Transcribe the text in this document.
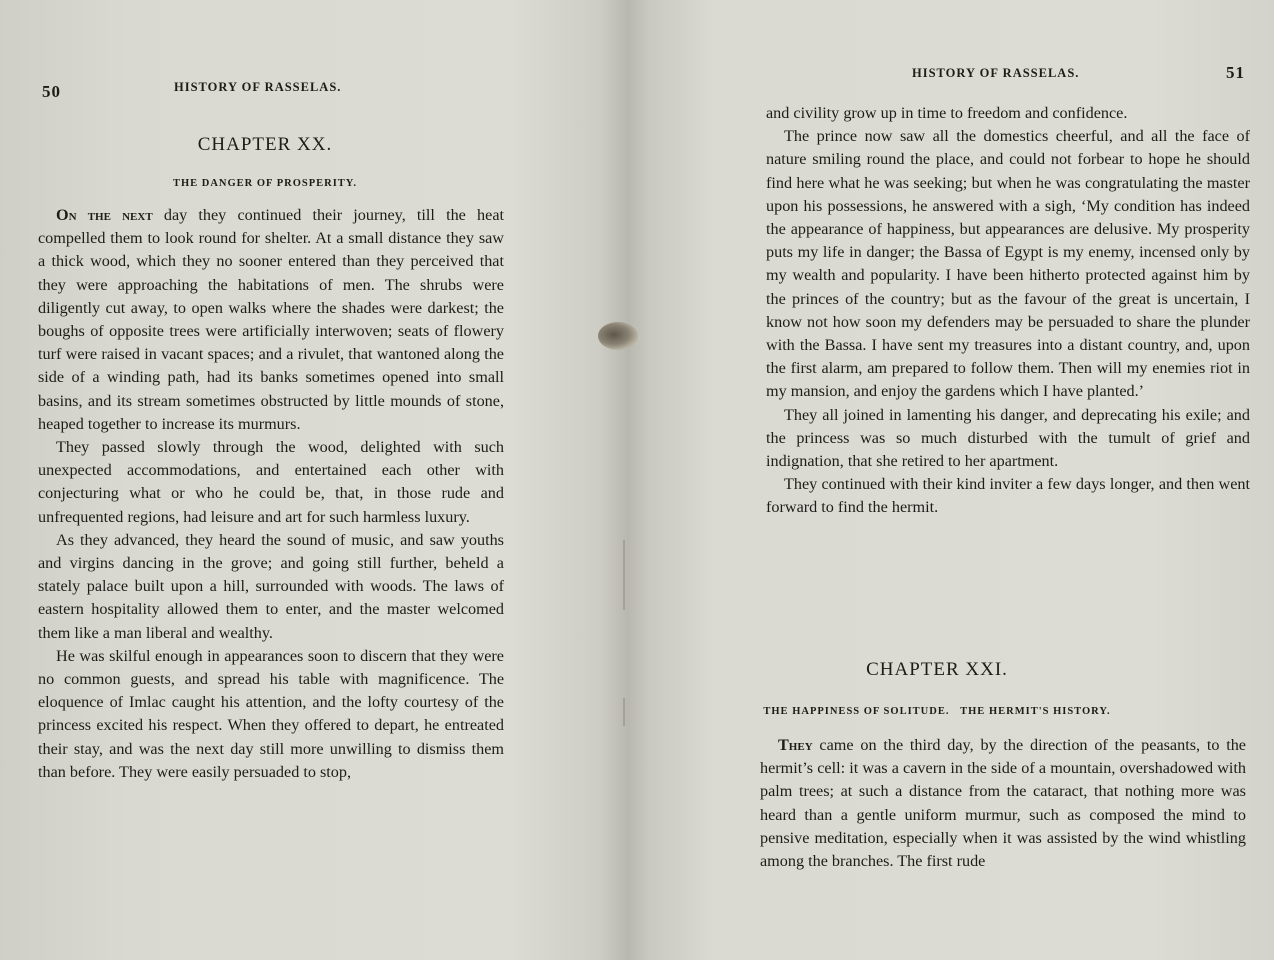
50	HISTORY OF RASSELAS.
CHAPTER XX.
THE DANGER OF PROSPERITY.

On the next day they continued their journey, till the heat compelled them to look round for shelter. At a small distance they saw a thick wood, which they no sooner entered than they perceived that they were approaching the habitations of men. The shrubs were diligently cut away, to open walks where the shades were darkest; the boughs of opposite trees were artificially interwoven; seats of flowery turf were raised in vacant spaces; and a rivulet, that wantoned along the side of a winding path, had its banks sometimes opened into small basins, and its stream sometimes obstructed by little mounds of stone, heaped together to increase its murmurs.

They passed slowly through the wood, delighted with such unexpected accommodations, and entertained each other with conjecturing what or who he could be, that, in those rude and unfrequented regions, had leisure and art for such harmless luxury.

As they advanced, they heard the sound of music, and saw youths and virgins dancing in the grove; and going still further, beheld a stately palace built upon a hill, surrounded with woods. The laws of eastern hospitality allowed them to enter, and the master welcomed them like a man liberal and wealthy.

He was skilful enough in appearances soon to discern that they were no common guests, and spread his table with magnificence. The eloquence of Imlac caught his attention, and the lofty courtesy of the princess excited his respect. When they offered to depart, he entreated their stay, and was the next day still more unwilling to dismiss them than before. They were easily persuaded to stop,

HISTORY OF RASSELAS.	51

and civility grow up in time to freedom and confidence.

The prince now saw all the domestics cheerful, and all the face of nature smiling round the place, and could not forbear to hope he should find here what he was seeking; but when he was congratulating the master upon his possessions, he answered with a sigh, ‘My condition has indeed the appearance of happiness, but appearances are delusive. My prosperity puts my life in danger; the Bassa of Egypt is my enemy, incensed only by my wealth and popularity. I have been hitherto protected against him by the princes of the country; but as the favour of the great is uncertain, I know not how soon my defenders may be persuaded to share the plunder with the Bassa. I have sent my treasures into a distant country, and, upon the first alarm, am prepared to follow them. Then will my enemies riot in my mansion, and enjoy the gardens which I have planted.’

They all joined in lamenting his danger, and deprecating his exile; and the princess was so much disturbed with the tumult of grief and indignation, that she retired to her apartment.

They continued with their kind inviter a few days longer, and then went forward to find the hermit.

CHAPTER XXI.
THE HAPPINESS OF SOLITUDE.   THE HERMIT'S HISTORY.

They came on the third day, by the direction of the peasants, to the hermit’s cell: it was a cavern in the side of a mountain, overshadowed with palm trees; at such a distance from the cataract, that nothing more was heard than a gentle uniform murmur, such as composed the mind to pensive meditation, especially when it was assisted by the wind whistling among the branches. The first rude
